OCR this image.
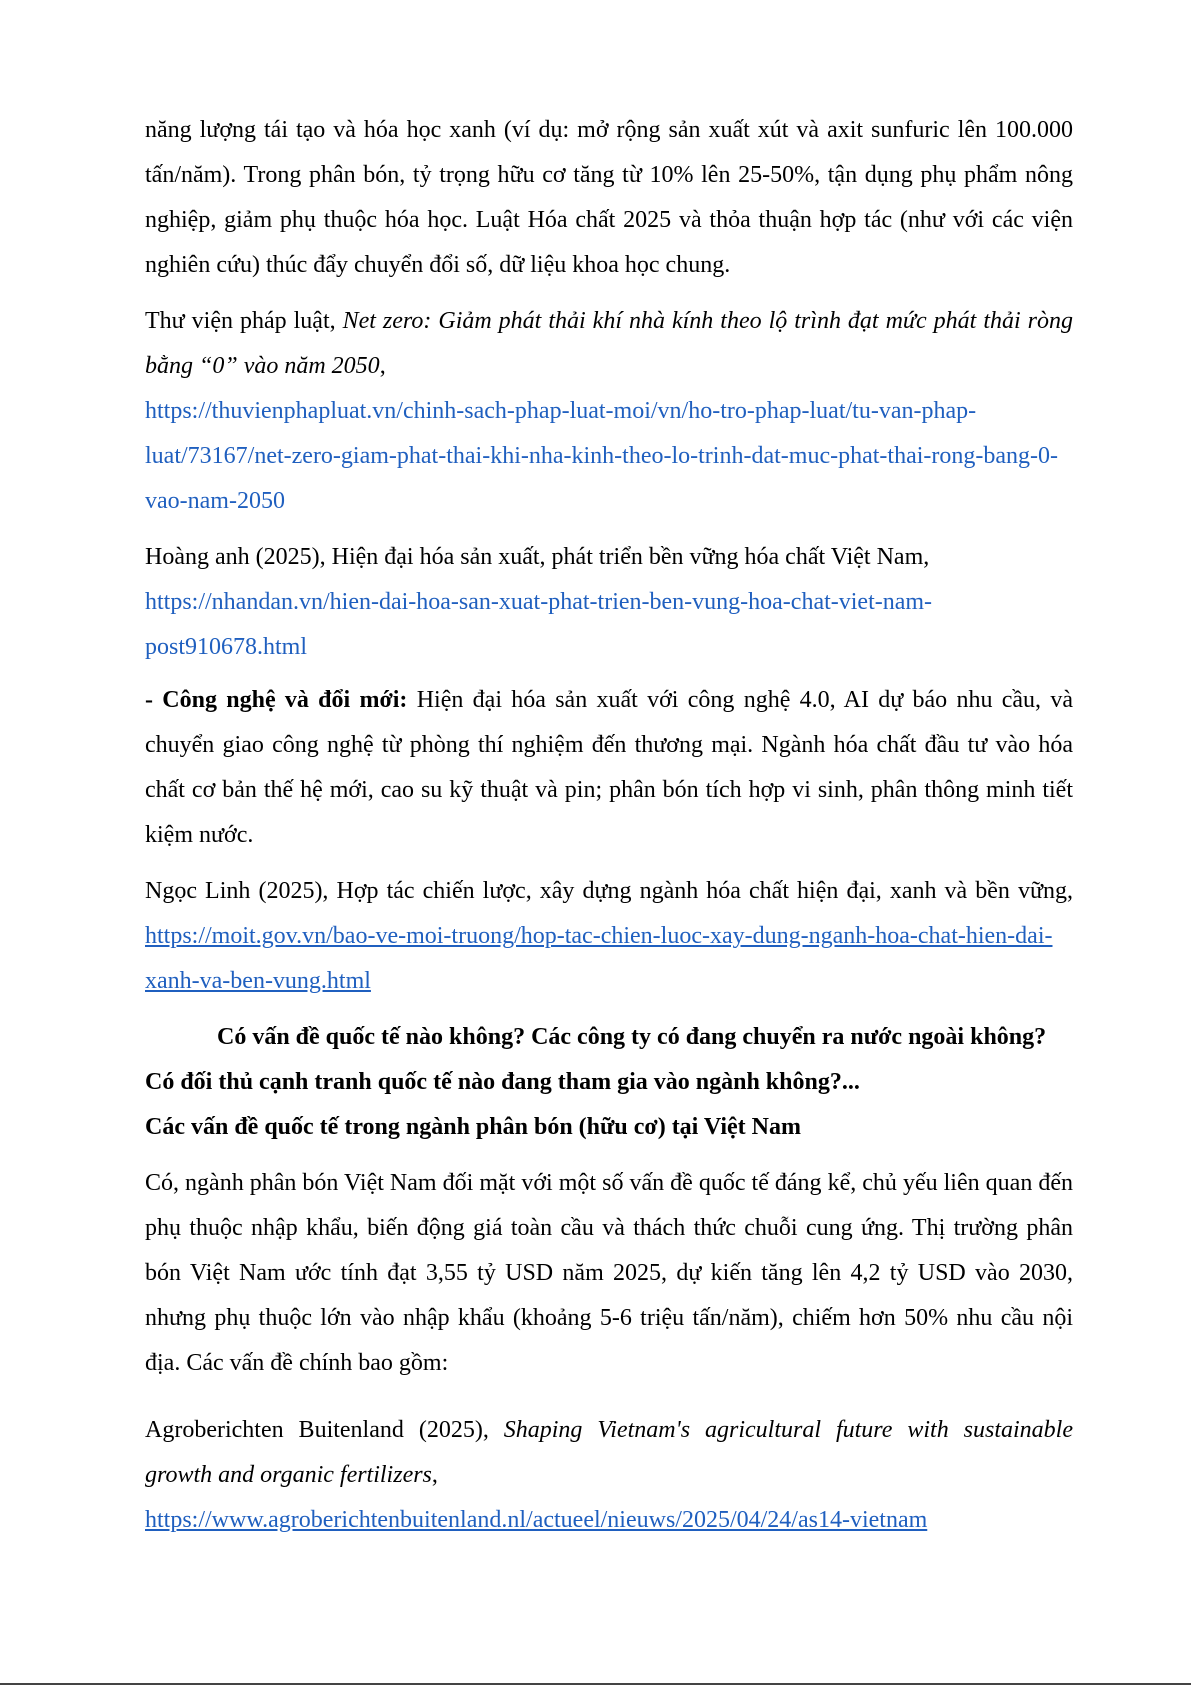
năng lượng tái tạo và hóa học xanh (ví dụ: mở rộng sản xuất xút và axit sunfuric lên 100.000 tấn/năm). Trong phân bón, tỷ trọng hữu cơ tăng từ 10% lên 25-50%, tận dụng phụ phẩm nông nghiệp, giảm phụ thuộc hóa học. Luật Hóa chất 2025 và thỏa thuận hợp tác (như với các viện nghiên cứu) thúc đẩy chuyển đổi số, dữ liệu khoa học chung.

Thư viện pháp luật, Net zero: Giảm phát thải khí nhà kính theo lộ trình đạt mức phát thải ròng bằng “0” vào năm 2050,
https://thuvienphapluat.vn/chinh-sach-phap-luat-moi/vn/ho-tro-phap-luat/tu-van-phap-luat/73167/net-zero-giam-phat-thai-khi-nha-kinh-theo-lo-trinh-dat-muc-phat-thai-rong-bang-0-vao-nam-2050

Hoàng anh (2025), Hiện đại hóa sản xuất, phát triển bền vững hóa chất Việt Nam,
https://nhandan.vn/hien-dai-hoa-san-xuat-phat-trien-ben-vung-hoa-chat-viet-nam-post910678.html

- Công nghệ và đổi mới: Hiện đại hóa sản xuất với công nghệ 4.0, AI dự báo nhu cầu, và chuyển giao công nghệ từ phòng thí nghiệm đến thương mại. Ngành hóa chất đầu tư vào hóa chất cơ bản thế hệ mới, cao su kỹ thuật và pin; phân bón tích hợp vi sinh, phân thông minh tiết kiệm nước.

Ngọc Linh (2025), Hợp tác chiến lược, xây dựng ngành hóa chất hiện đại, xanh và bền vững, https://moit.gov.vn/bao-ve-moi-truong/hop-tac-chien-luoc-xay-dung-nganh-hoa-chat-hien-dai-xanh-va-ben-vung.html

Có vấn đề quốc tế nào không? Các công ty có đang chuyển ra nước ngoài không? Có đối thủ cạnh tranh quốc tế nào đang tham gia vào ngành không?...

Các vấn đề quốc tế trong ngành phân bón (hữu cơ) tại Việt Nam

Có, ngành phân bón Việt Nam đối mặt với một số vấn đề quốc tế đáng kể, chủ yếu liên quan đến phụ thuộc nhập khẩu, biến động giá toàn cầu và thách thức chuỗi cung ứng. Thị trường phân bón Việt Nam ước tính đạt 3,55 tỷ USD năm 2025, dự kiến tăng lên 4,2 tỷ USD vào 2030, nhưng phụ thuộc lớn vào nhập khẩu (khoảng 5-6 triệu tấn/năm), chiếm hơn 50% nhu cầu nội địa. Các vấn đề chính bao gồm:

Agroberichten Buitenland (2025), Shaping Vietnam's agricultural future with sustainable growth and organic fertilizers,
https://www.agroberichtenbuitenland.nl/actueel/nieuws/2025/04/24/as14-vietnam
